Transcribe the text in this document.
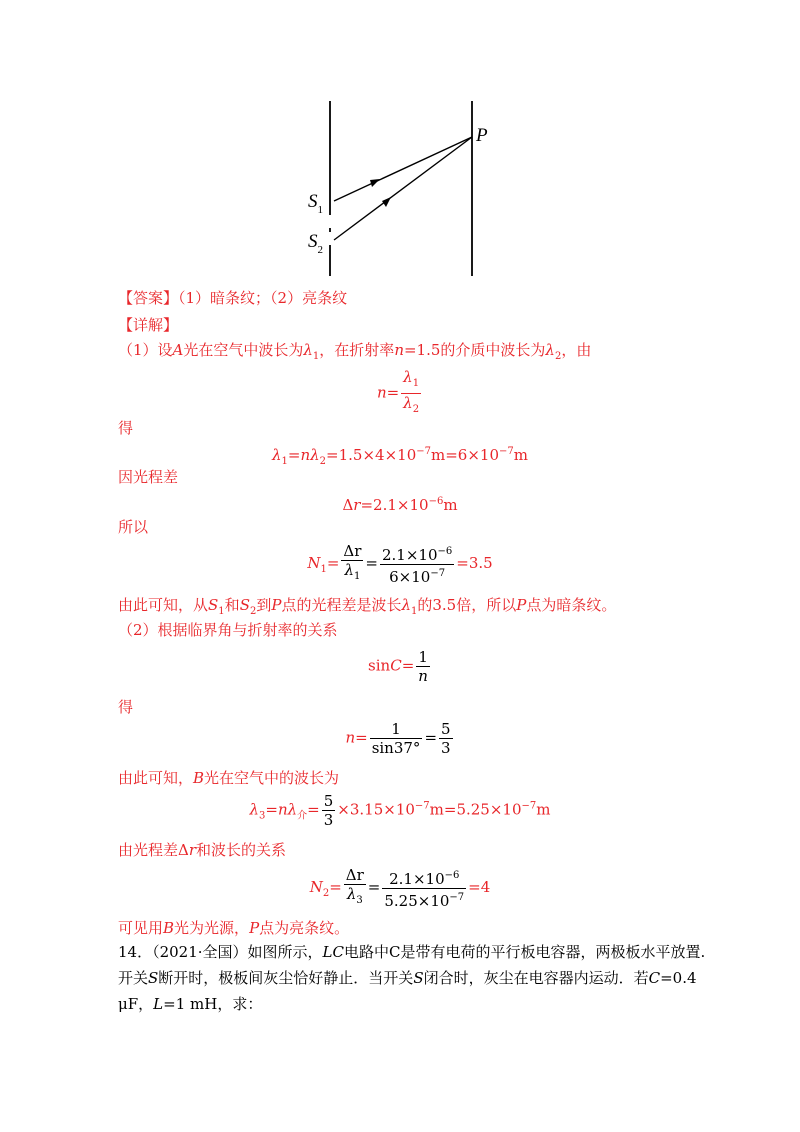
P
$S_1$
$S_2$
【答案】（1）暗条纹；（2）亮条纹
【详解】
（1）设A光在空气中波长为$\lambda_1$，在折射率n=1.5的介质中波长为$\lambda_2$，由
$n= \frac{\lambda_1}{\lambda_2}$
得
$\lambda_1=n\lambda_2=1.5\times 4\times 10^{-7}m=6\times 10^{-7}m$
因光程差
$\Delta r=2.1\times 10^{-6}m$
所以
$N_1= \frac{\Delta r}{\lambda_1} = \frac{2.1\times 10^{-6}}{6\times 10^{-7}} =3.5$
由此可知，从$S_1$和$S_2$到P点的光程差是波长$\lambda_1$的3.5倍，所以P点为暗条纹。
（2）根据临界角与折射率的关系
$\sin C= \frac{1}{n}$
得
$n= \frac{1}{\sin 37^\circ} = \frac{5}{3}$
由此可知，B光在空气中的波长为
$\lambda_3=n\lambda_介= \frac{5}{3} \times 3.15\times 10^{-7}m=5.25\times 10^{-7}m$
由光程差Δr和波长的关系
$N_2= \frac{\Delta r}{\lambda_3} = \frac{2.1\times 10^{-6}}{5.25\times 10^{-7}} =4$
可见用B光为光源，P点为亮条纹。
14．（2021·全国）如图所示，LC电路中C是带有电荷的平行板电容器，两极板水平放置.
开关S断开时，极板间灰尘恰好静止．当开关S闭合时，灰尘在电容器内运动．若C=0.4
μF，L=1 mH，求：
